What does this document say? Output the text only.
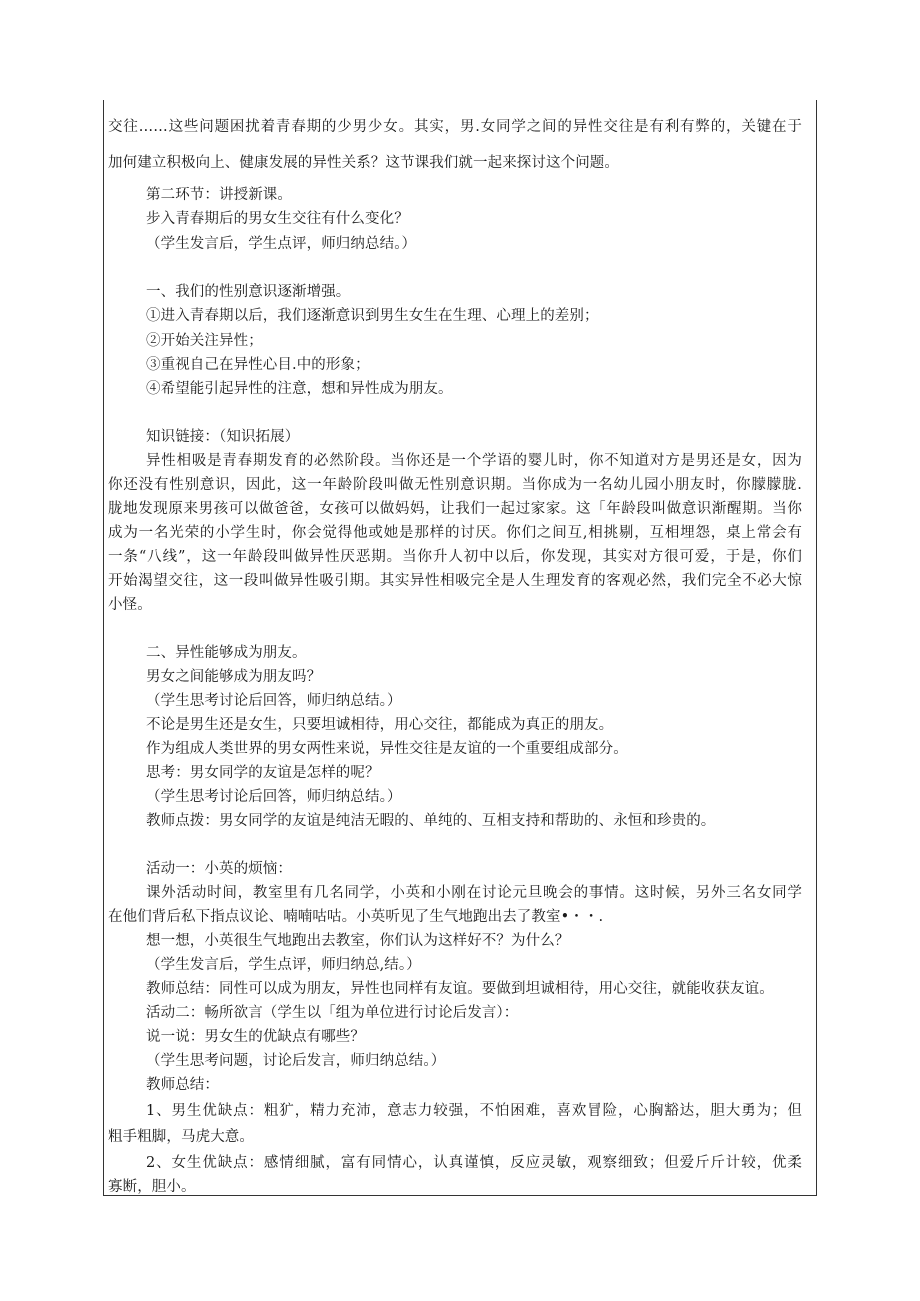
交往……这些问题困扰着青春期的少男少女。其实，男.女同学之间的异性交往是有利有弊的，关键在于
加何建立积极向上、健康发展的异性关系？这节课我们就一起来探讨这个问题。
第二环节：讲授新课。
步入青春期后的男女生交往有什么变化？
（学生发言后，学生点评，师归纳总结。）
一、我们的性别意识逐渐增强。
①进入青春期以后，我们逐渐意识到男生女生在生理、心理上的差别；
②开始关注异性；
③重视自己在异性心目.中的形象；
④希望能引起异性的注意，想和异性成为朋友。
知识链接：（知识拓展）
异性相吸是青春期发育的必然阶段。当你还是一个学语的婴儿时，你不知道对方是男还是女，因为
你还没有性别意识，因此，这一年龄阶段叫做无性别意识期。当你成为一名幼儿园小朋友时，你朦朦胧.
胧地发现原来男孩可以做爸爸，女孩可以做妈妈，让我们一起过家家。这「年龄段叫做意识渐醒期。当你
成为一名光荣的小学生时，你会觉得他或她是那样的讨厌。你们之间互,相挑剔，互相埋怨，桌上常会有
一条“八线”，这一年龄段叫做异性厌恶期。当你升人初中以后，你发现，其实对方很可爱，于是，你们
开始渴望交往，这一段叫做异性吸引期。其实异性相吸完全是人生理发育的客观必然，我们完全不必大惊
小怪。
二、异性能够成为朋友。
男女之间能够成为朋友吗？
（学生思考讨论后回答，师归纳总结。）
不论是男生还是女生，只要坦诚相待，用心交往，都能成为真正的朋友。
作为组成人类世界的男女两性来说，异性交往是友谊的一个重要组成部分。
思考：男女同学的友谊是怎样的呢？
（学生思考讨论后回答，师归纳总结。）
教师点拨：男女同学的友谊是纯洁无暇的、单纯的、互相支持和帮助的、永恒和珍贵的。
活动一：小英的烦恼：
课外活动时间，教室里有几名同学，小英和小刚在讨论元旦晚会的事情。这时候，另外三名女同学
在他们背后私下指点议论、喃喃咕咕。小英听见了生气地跑出去了教室•・・.
想一想，小英很生气地跑出去教室，你们认为这样好不？为什么？
（学生发言后，学生点评，师归纳总,结。）
教师总结：同性可以成为朋友，异性也同样有友谊。要做到坦诚相待，用心交往，就能收获友谊。
活动二：畅所欲言（学生以「组为单位进行讨论后发言）：
说一说：男女生的优缺点有哪些？
（学生思考问题，讨论后发言，师归纳总结。）
教师总结：
1、男生优缺点：粗犷，精力充沛，意志力较强，不怕困难，喜欢冒险，心胸豁达，胆大勇为；但
粗手粗脚，马虎大意。
2、女生优缺点：感情细腻，富有同情心，认真谨慎，反应灵敏，观察细致；但爱斤斤计较，优柔
寡断，胆小。
